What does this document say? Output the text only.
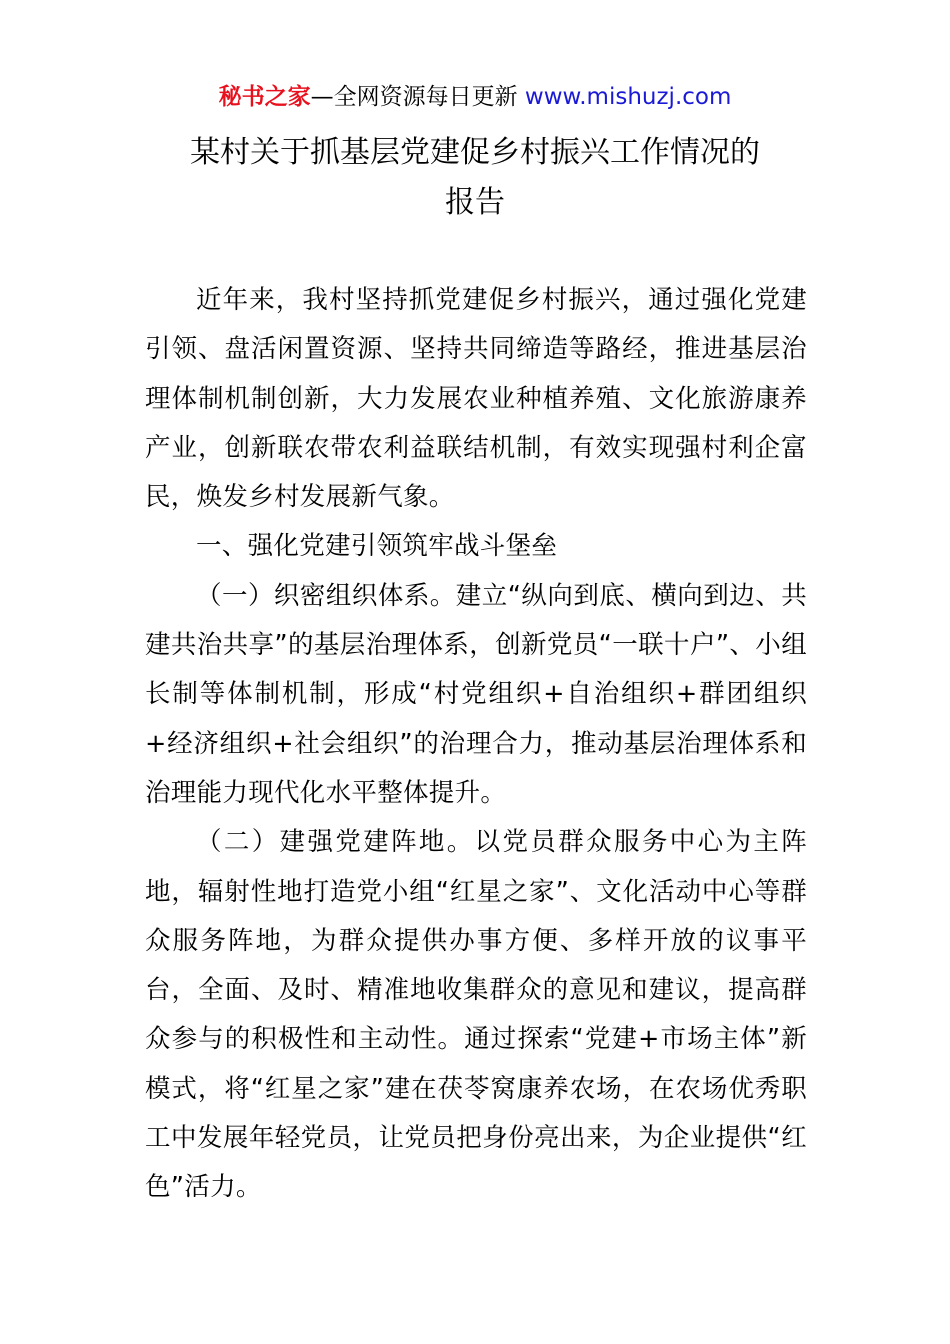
秘书之家—全网资源每日更新 www.mishuzj.com
某村关于抓基层党建促乡村振兴工作情况的
报告

近年来，我村坚持抓党建促乡村振兴，通过强化党建引领、盘活闲置资源、坚持共同缔造等路经，推进基层治理体制机制创新，大力发展农业种植养殖、文化旅游康养产业，创新联农带农利益联结机制，有效实现强村利企富民，焕发乡村发展新气象。

一、强化党建引领筑牢战斗堡垒

（一）织密组织体系。建立“纵向到底、横向到边、共建共治共享”的基层治理体系，创新党员“一联十户”、小组长制等体制机制，形成“村党组织+自治组织+群团组织+经济组织+社会组织”的治理合力，推动基层治理体系和治理能力现代化水平整体提升。

（二）建强党建阵地。以党员群众服务中心为主阵地，辐射性地打造党小组“红星之家”、文化活动中心等群众服务阵地，为群众提供办事方便、多样开放的议事平台，全面、及时、精准地收集群众的意见和建议，提高群众参与的积极性和主动性。通过探索“党建+市场主体”新模式，将“红星之家”建在茯苓窝康养农场，在农场优秀职工中发展年轻党员，让党员把身份亮出来，为企业提供“红色”活力。
